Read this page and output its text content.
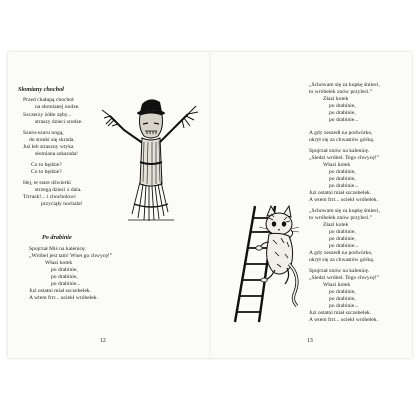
Słomiany chochoł
Przed chałupą chochoł
na słomianej nodze.
Szczerzy żółte zęby...
straszy dzieci srodze.
Szuru-szuru nogą,
do stonki się skrada.
Już łeb straszny wtyka
słomiana szkarada!
Co to będzie?
Co to będzie?
Hej, te stare dźwierki
strzegą dzieci z dala.
Trrrask!... i chocholowi
przyciąły nochala!
Po drabinie
Spojrzał Miś na kalenicę:
„Wróbel jest tam! Wnet go chwycę!”
Włazi kotek
po drabinie,
po drabinie,
po drabinie...
Już ostatni miał szczebelek.
A wtem frrr... uciekł wróbelek.
12
„Schowam się za kupkę śmieci,
to wróbelek znów przyleci.”
Złazi kotek
po drabinie,
po drabinie,
po drabinie...
A gdy zeszedł na podwórko,
ukrył się za chwastów górką.
Spojrzał znów na kalenicę.
„Siedzi wróbel. Tego chwycę!”
Włazi kotek
po drabinie,
po drabinie,
po drabinie...
Już ostatni miał szczebelek.
A wtem frrr... uciekł wróbelek.
„Schowam się za kupkę śmieci,
to wróbelek znów przyleci.”
Złazi kotek
po drabinie,
po drabinie,
po drabinie...
A gdy zeszedł na podwórko,
ukrył się za chwastów górką.
Spojrzał znów na kalenicę.
„Siedzi wróbel. Tego chwycę!”
Włazi kotek
po drabinie,
po drabinie,
po drabinie...
Już ostatni miał szczebelek.
A wtem frrr... uciekł wróbelek.
13
